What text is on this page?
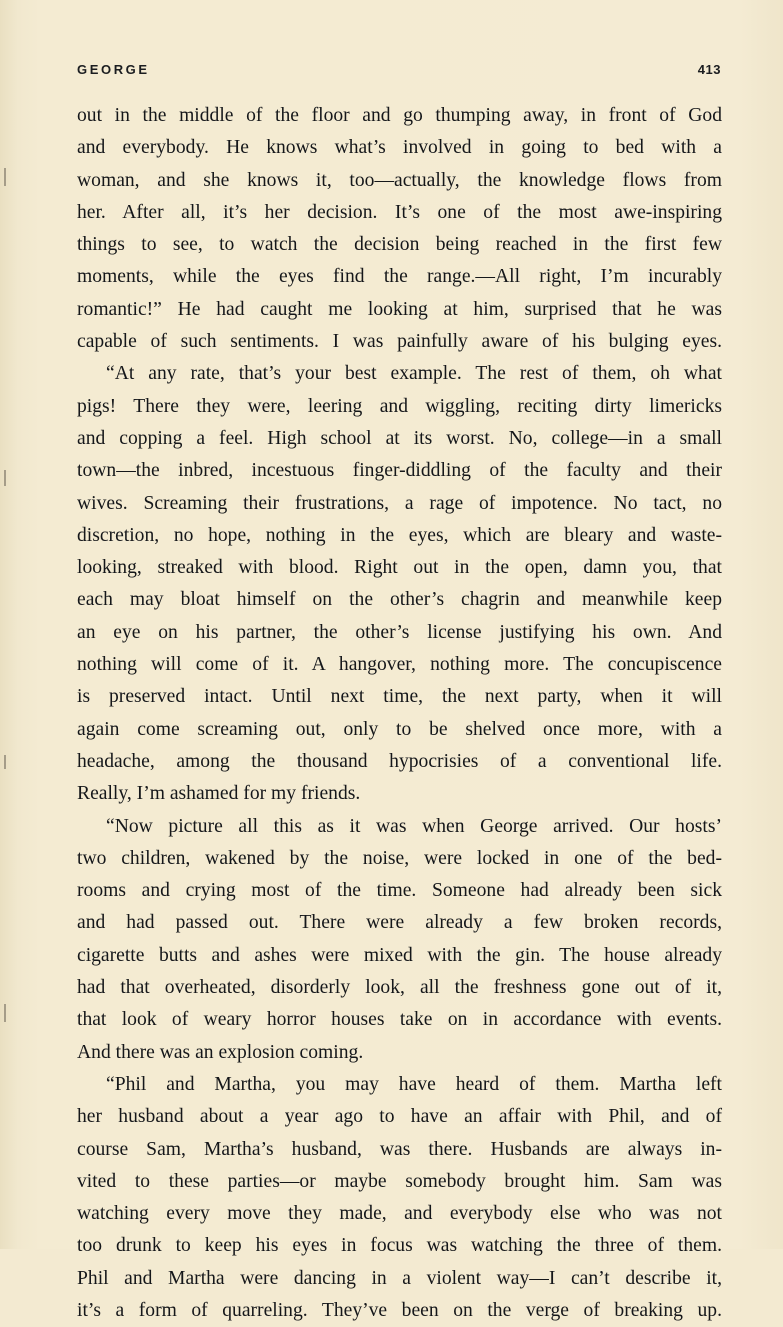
GEORGE	413

out in the middle of the floor and go thumping away, in front of God
and everybody. He knows what’s involved in going to bed with a
woman, and she knows it, too—actually, the knowledge flows from
her. After all, it’s her decision. It’s one of the most awe-inspiring
things to see, to watch the decision being reached in the first few
moments, while the eyes find the range.—All right, I’m incurably
romantic!” He had caught me looking at him, surprised that he was
capable of such sentiments. I was painfully aware of his bulging eyes.

“At any rate, that’s your best example. The rest of them, oh what
pigs! There they were, leering and wiggling, reciting dirty limericks
and copping a feel. High school at its worst. No, college—in a small
town—the inbred, incestuous finger-diddling of the faculty and their
wives. Screaming their frustrations, a rage of impotence. No tact, no
discretion, no hope, nothing in the eyes, which are bleary and waste-
looking, streaked with blood. Right out in the open, damn you, that
each may bloat himself on the other’s chagrin and meanwhile keep
an eye on his partner, the other’s license justifying his own. And
nothing will come of it. A hangover, nothing more. The concupiscence
is preserved intact. Until next time, the next party, when it will
again come screaming out, only to be shelved once more, with a
headache, among the thousand hypocrisies of a conventional life.
Really, I’m ashamed for my friends.

“Now picture all this as it was when George arrived. Our hosts’
two children, wakened by the noise, were locked in one of the bed-
rooms and crying most of the time. Someone had already been sick
and had passed out. There were already a few broken records,
cigarette butts and ashes were mixed with the gin. The house already
had that overheated, disorderly look, all the freshness gone out of it,
that look of weary horror houses take on in accordance with events.
And there was an explosion coming.

“Phil and Martha, you may have heard of them. Martha left
her husband about a year ago to have an affair with Phil, and of
course Sam, Martha’s husband, was there. Husbands are always in-
vited to these parties—or maybe somebody brought him. Sam was
watching every move they made, and everybody else who was not
too drunk to keep his eyes in focus was watching the three of them.
Phil and Martha were dancing in a violent way—I can’t describe it,
it’s a form of quarreling. They’ve been on the verge of breaking up.
